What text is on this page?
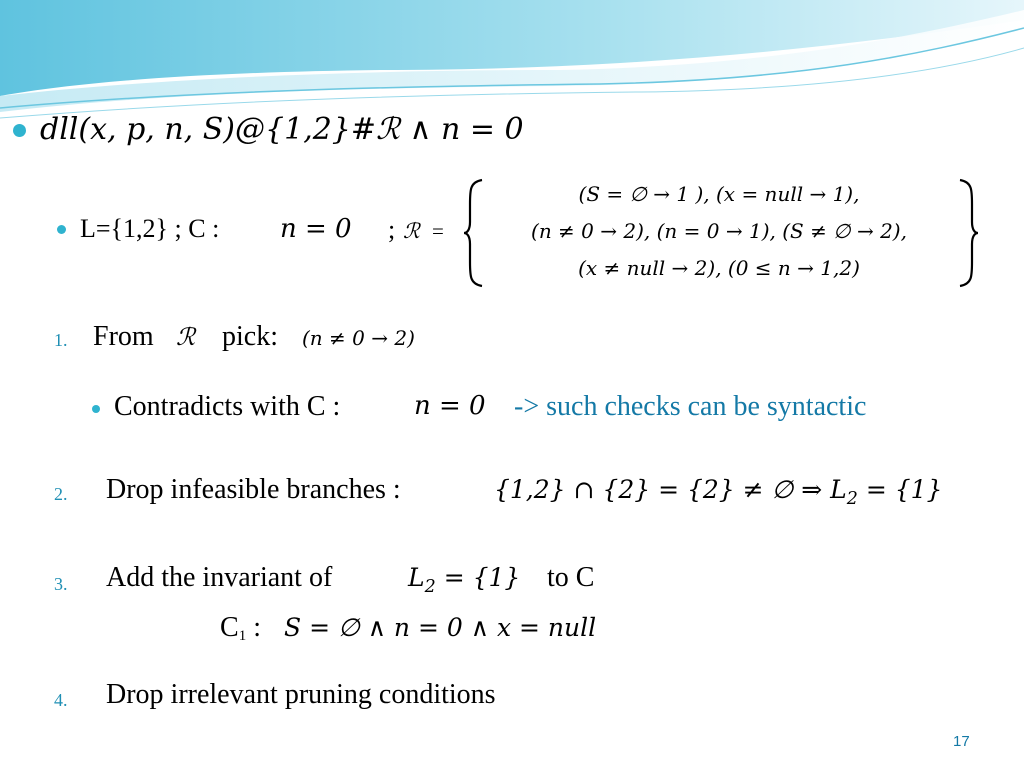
dll(x, p, n, S)@{1,2}#ℛ ∧ n = 0
L={1,2} ; C : n = 0 ; ℛ =
(S = ∅ → 1 ), (x = null → 1),
(n ≠ 0 → 2), (n = 0 → 1), (S ≠ ∅ → 2),
(x ≠ null → 2), (0 ≤ n → 1,2)
1. From ℛ pick: (n ≠ 0 → 2)
Contradicts with C :	n = 0 -> such checks can be syntactic
2. Drop infeasible branches :	{1,2} ∩ {2} = {2} ≠ ∅ ⇒ $L_2 = \{1\}$
3. Add the invariant of	$L_2 = \{1\}$ to C
C1 : S = ∅ ∧ n = 0 ∧ x = null
4. Drop irrelevant pruning conditions
17
